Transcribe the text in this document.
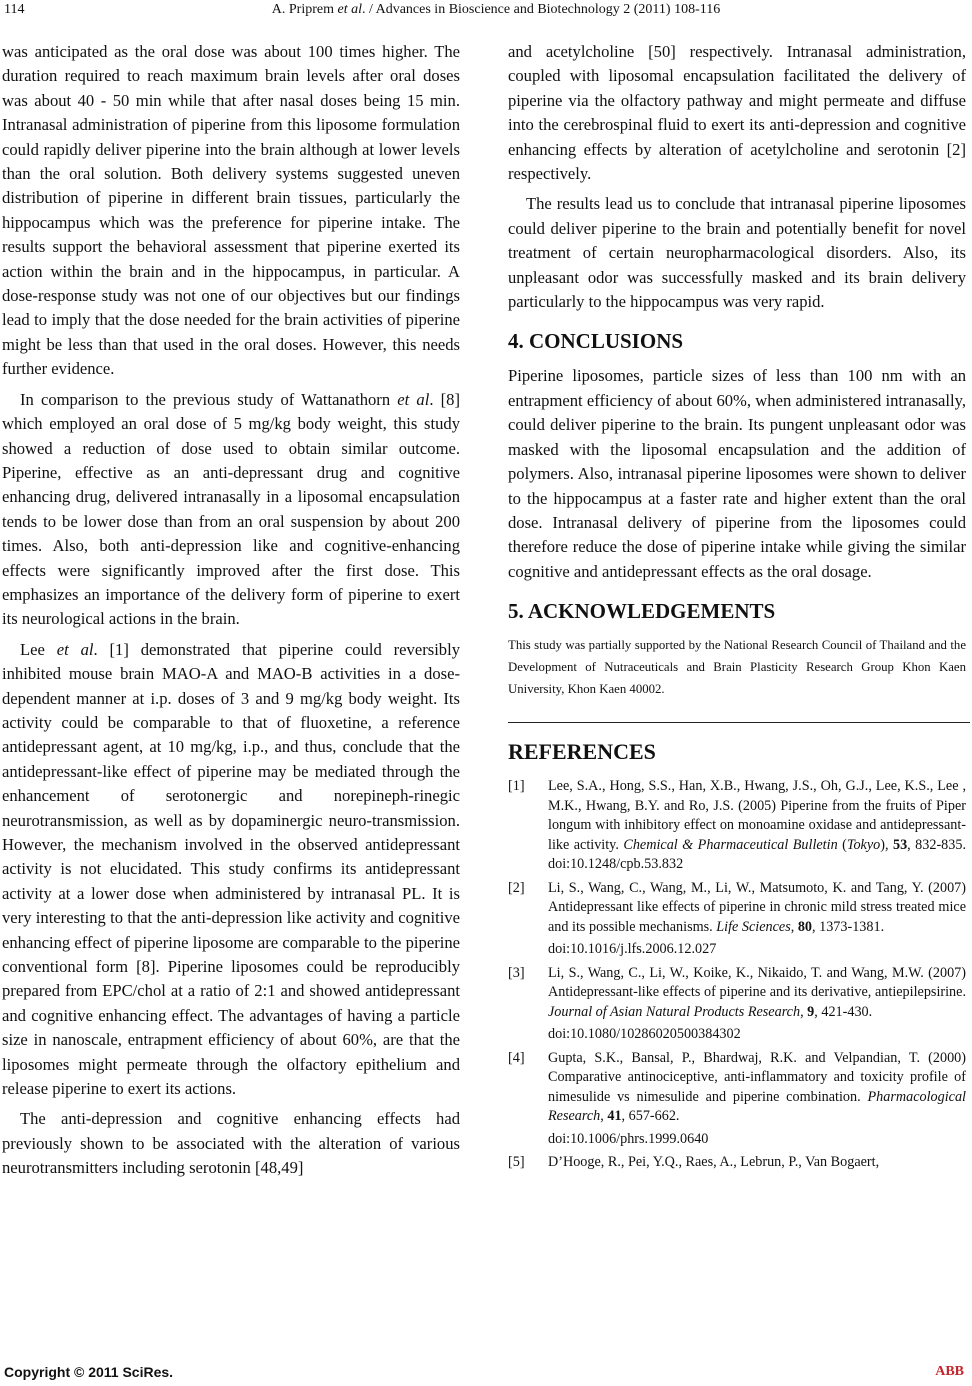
114	A. Priprem et al. / Advances in Bioscience and Biotechnology 2 (2011) 108-116

was anticipated as the oral dose was about 100 times higher. The duration required to reach maximum brain levels after oral doses was about 40 - 50 min while that after nasal doses being 15 min. Intranasal administration of piperine from this liposome formulation could rapidly deliver piperine into the brain although at lower levels than the oral solution. Both delivery systems suggested uneven distribution of piperine in different brain tissues, particularly the hippocampus which was the preference for piperine intake. The results support the behavioral assessment that piperine exerted its action within the brain and in the hippocampus, in particular. A dose-response study was not one of our objectives but our findings lead to imply that the dose needed for the brain activities of piperine might be less than that used in the oral doses. However, this needs further evidence.

In comparison to the previous study of Wattanathorn et al. [8] which employed an oral dose of 5 mg/kg body weight, this study showed a reduction of dose used to obtain similar outcome. Piperine, effective as an anti-depressant drug and cognitive enhancing drug, delivered intranasally in a liposomal encapsulation tends to be lower dose than from an oral suspension by about 200 times. Also, both anti-depression like and cognitive-enhancing effects were significantly improved after the first dose. This emphasizes an importance of the delivery form of piperine to exert its neurological actions in the brain.

Lee et al. [1] demonstrated that piperine could reversibly inhibited mouse brain MAO-A and MAO-B activities in a dose-dependent manner at i.p. doses of 3 and 9 mg/kg body weight. Its activity could be comparable to that of fluoxetine, a reference antidepressant agent, at 10 mg/kg, i.p., and thus, conclude that the antidepressant-like effect of piperine may be mediated through the enhancement of serotonergic and norepineph-rinegic neurotransmission, as well as by dopaminergic neuro-transmission. However, the mechanism involved in the observed antidepressant activity is not elucidated. This study confirms its antidepressant activity at a lower dose when administered by intranasal PL. It is very interesting to that the anti-depression like activity and cognitive enhancing effect of piperine liposome are comparable to the piperine conventional form [8]. Piperine liposomes could be reproducibly prepared from EPC/chol at a ratio of 2:1 and showed antidepressant and cognitive enhancing effect. The advantages of having a particle size in nanoscale, entrapment efficiency of about 60%, are that the liposomes might permeate through the olfactory epithelium and release piperine to exert its actions.

The anti-depression and cognitive enhancing effects had previously shown to be associated with the alteration of various neurotransmitters including serotonin [48,49]

and acetylcholine [50] respectively. Intranasal administration, coupled with liposomal encapsulation facilitated the delivery of piperine via the olfactory pathway and might permeate and diffuse into the cerebrospinal fluid to exert its anti-depression and cognitive enhancing effects by alteration of acetylcholine and serotonin [2] respectively.

The results lead us to conclude that intranasal piperine liposomes could deliver piperine to the brain and potentially benefit for novel treatment of certain neuropharmacological disorders. Also, its unpleasant odor was successfully masked and its brain delivery particularly to the hippocampus was very rapid.

4. CONCLUSIONS

Piperine liposomes, particle sizes of less than 100 nm with an entrapment efficiency of about 60%, when administered intranasally, could deliver piperine to the brain. Its pungent unpleasant odor was masked with the liposomal encapsulation and the addition of polymers. Also, intranasal piperine liposomes were shown to deliver to the hippocampus at a faster rate and higher extent than the oral dose. Intranasal delivery of piperine from the liposomes could therefore reduce the dose of piperine intake while giving the similar cognitive and antidepressant effects as the oral dosage.

5. ACKNOWLEDGEMENTS

This study was partially supported by the National Research Council of Thailand and the Development of Nutraceuticals and Brain Plasticity Research Group Khon Kaen University, Khon Kaen 40002.

REFERENCES
[1]	Lee, S.A., Hong, S.S., Han, X.B., Hwang, J.S., Oh, G.J., Lee, K.S., Lee , M.K., Hwang, B.Y. and Ro, J.S. (2005) Piperine from the fruits of Piper longum with inhibitory effect on monoamine oxidase and antidepressant-like activity. Chemical & Pharmaceutical Bulletin (Tokyo), 53, 832-835. doi:10.1248/cpb.53.832
[2]	Li, S., Wang, C., Wang, M., Li, W., Matsumoto, K. and Tang, Y. (2007) Antidepressant like effects of piperine in chronic mild stress treated mice and its possible mechanisms. Life Sciences, 80, 1373-1381.
doi:10.1016/j.lfs.2006.12.027
[3]	Li, S., Wang, C., Li, W., Koike, K., Nikaido, T. and Wang, M.W. (2007) Antidepressant-like effects of piperine and its derivative, antiepilepsirine. Journal of Asian Natural Products Research, 9, 421-430.
doi:10.1080/10286020500384302
[4]	Gupta, S.K., Bansal, P., Bhardwaj, R.K. and Velpandian, T. (2000) Comparative antinociceptive, anti-inflammatory and toxicity profile of nimesulide vs nimesulide and piperine combination. Pharmacological Research, 41, 657-662.
doi:10.1006/phrs.1999.0640
[5]	D’Hooge, R., Pei, Y.Q., Raes, A., Lebrun, P., Van Bogaert,
Copyright © 2011 SciRes.	ABB
